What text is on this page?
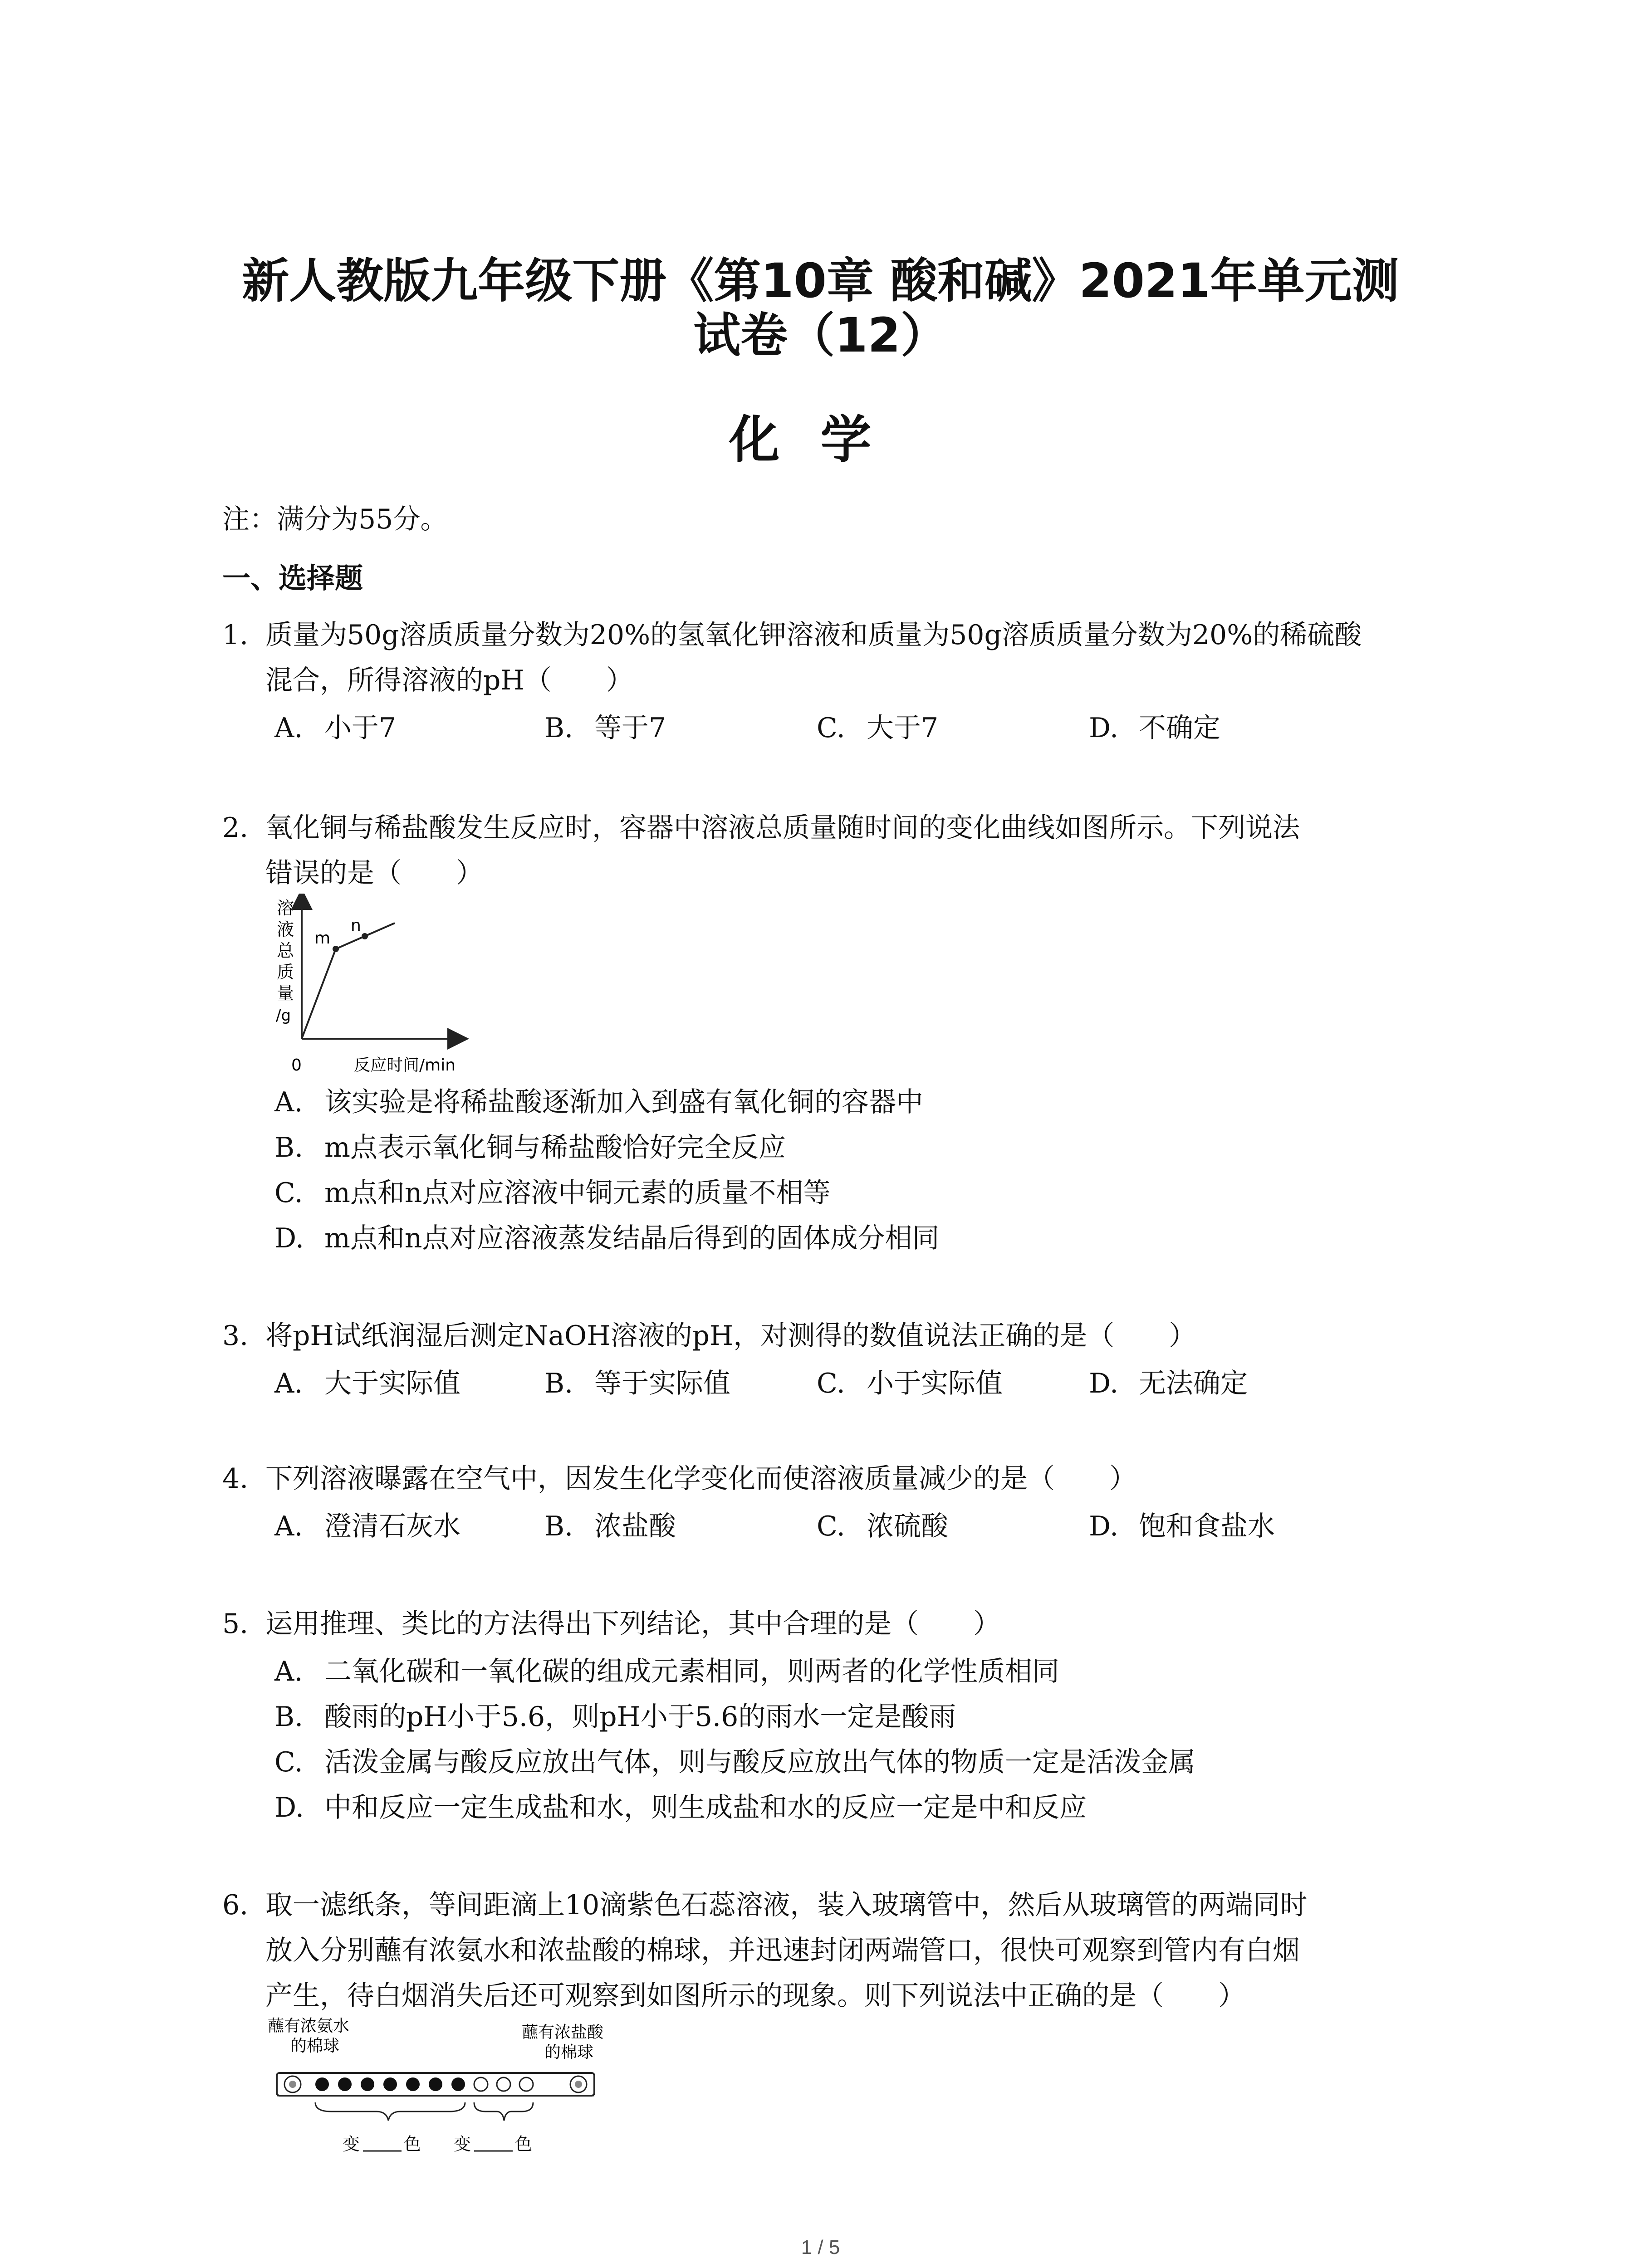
新人教版九年级下册《第10章 酸和碱》2021年单元测
试卷（12）
化学
注：满分为55分。
一、选择题
1. 质量为50g溶质质量分数为20%的氢氧化钾溶液和质量为50g溶质质量分数为20%的稀硫酸
混合，所得溶液的pH（　　）
A. 小于7	B. 等于7	C. 大于7	D. 不确定
2. 氧化铜与稀盐酸发生反应时，容器中溶液总质量随时间的变化曲线如图所示。下列说法
错误的是（　　）
溶
液
总
质
量
/g
m
n
0	反应时间/min
A. 该实验是将稀盐酸逐渐加入到盛有氧化铜的容器中
B. m点表示氧化铜与稀盐酸恰好完全反应
C. m点和n点对应溶液中铜元素的质量不相等
D. m点和n点对应溶液蒸发结晶后得到的固体成分相同
3. 将pH试纸润湿后测定NaOH溶液的pH，对测得的数值说法正确的是（　　）
A. 大于实际值	B. 等于实际值	C. 小于实际值	D. 无法确定
4. 下列溶液曝露在空气中，因发生化学变化而使溶液质量减少的是（　　）
A. 澄清石灰水	B. 浓盐酸	C. 浓硫酸	D. 饱和食盐水
5. 运用推理、类比的方法得出下列结论，其中合理的是（　　）
A. 二氧化碳和一氧化碳的组成元素相同，则两者的化学性质相同
B. 酸雨的pH小于5.6，则pH小于5.6的雨水一定是酸雨
C. 活泼金属与酸反应放出气体，则与酸反应放出气体的物质一定是活泼金属
D. 中和反应一定生成盐和水，则生成盐和水的反应一定是中和反应
6. 取一滤纸条，等间距滴上10滴紫色石蕊溶液，装入玻璃管中，然后从玻璃管的两端同时
放入分别蘸有浓氨水和浓盐酸的棉球，并迅速封闭两端管口，很快可观察到管内有白烟
产生，待白烟消失后还可观察到如图所示的现象。则下列说法中正确的是（　　）
蘸有浓氨水
的棉球
蘸有浓盐酸
的棉球
变	色 变	色
1 / 5
